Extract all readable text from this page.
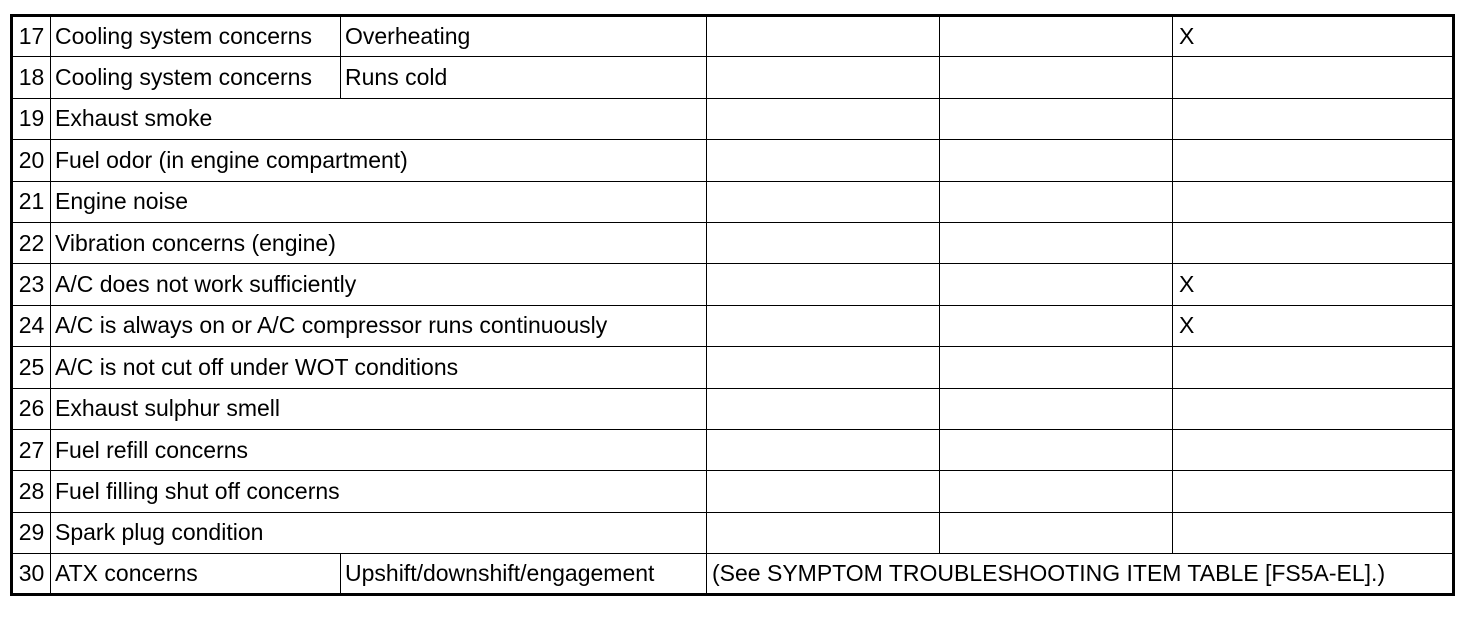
17	Cooling system concerns	Overheating			X
18	Cooling system concerns	Runs cold			
19	Exhaust smoke				
20	Fuel odor (in engine compartment)				
21	Engine noise				
22	Vibration concerns (engine)				
23	A/C does not work sufficiently				X
24	A/C is always on or A/C compressor runs continuously				X
25	A/C is not cut off under WOT conditions				
26	Exhaust sulphur smell				
27	Fuel refill concerns				
28	Fuel filling shut off concerns				
29	Spark plug condition				
30	ATX concerns	Upshift/downshift/engagement	(See SYMPTOM TROUBLESHOOTING ITEM TABLE [FS5A-EL].)		
